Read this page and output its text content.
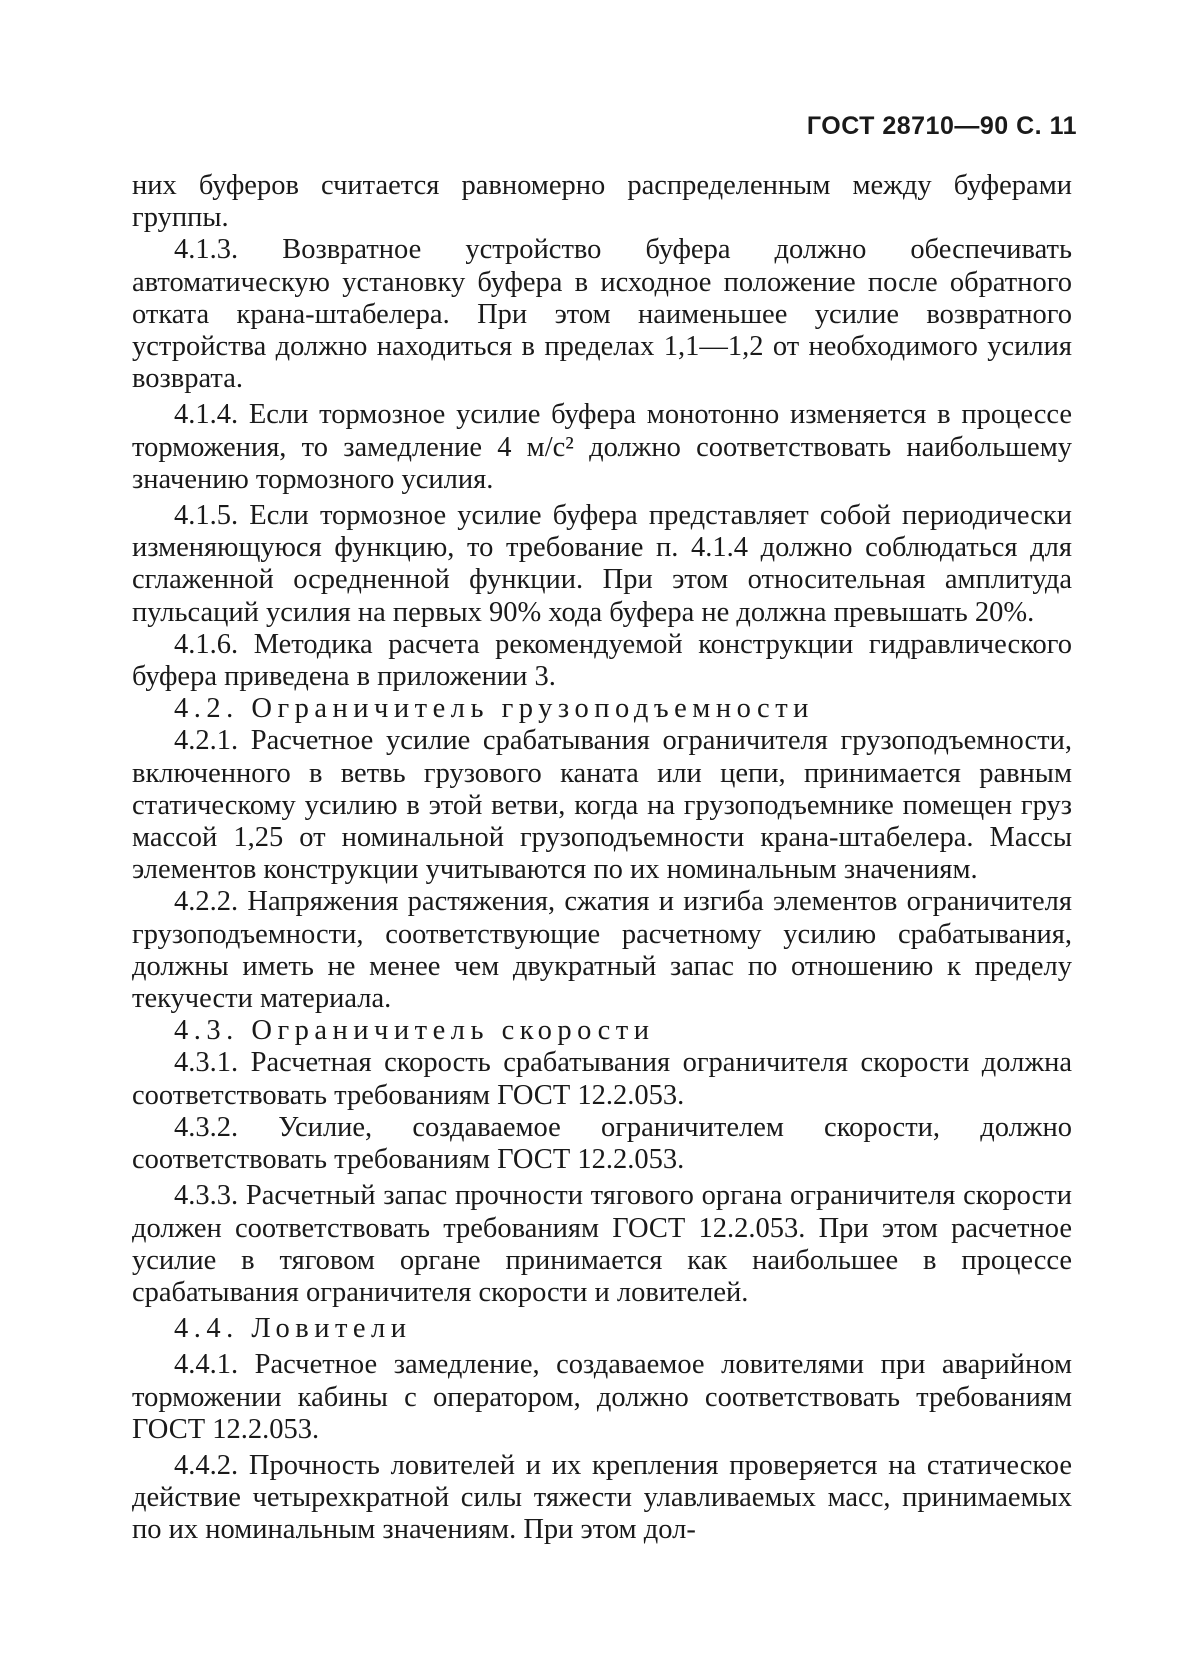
ГОСТ 28710—90 С. 11

них буферов считается равномерно распределенным между буферами группы.

4.1.3. Возвратное устройство буфера должно обеспечивать автоматическую установку буфера в исходное положение после обратного отката крана-штабелера. При этом наименьшее усилие возвратного устройства должно находиться в пределах 1,1—1,2 от необходимого усилия возврата.

4.1.4. Если тормозное усилие буфера монотонно изменяется в процессе торможения, то замедление 4 м/с² должно соответствовать наибольшему значению тормозного усилия.

4.1.5. Если тормозное усилие буфера представляет собой периодически изменяющуюся функцию, то требование п. 4.1.4 должно соблюдаться для сглаженной осредненной функции. При этом относительная амплитуда пульсаций усилия на первых 90% хода буфера не должна превышать 20%.

4.1.6. Методика расчета рекомендуемой конструкции гидравлического буфера приведена в приложении 3.

4.2. Ограничитель грузоподъемности

4.2.1. Расчетное усилие срабатывания ограничителя грузоподъемности, включенного в ветвь грузового каната или цепи, принимается равным статическому усилию в этой ветви, когда на грузоподъемнике помещен груз массой 1,25 от номинальной грузоподъемности крана-штабелера. Массы элементов конструкции учитываются по их номинальным значениям.

4.2.2. Напряжения растяжения, сжатия и изгиба элементов ограничителя грузоподъемности, соответствующие расчетному усилию срабатывания, должны иметь не менее чем двукратный запас по отношению к пределу текучести материала.

4.3. Ограничитель скорости

4.3.1. Расчетная скорость срабатывания ограничителя скорости должна соответствовать требованиям ГОСТ 12.2.053.

4.3.2. Усилие, создаваемое ограничителем скорости, должно соответствовать требованиям ГОСТ 12.2.053.

4.3.3. Расчетный запас прочности тягового органа ограничителя скорости должен соответствовать требованиям ГОСТ 12.2.053. При этом расчетное усилие в тяговом органе принимается как наибольшее в процессе срабатывания ограничителя скорости и ловителей.

4.4. Ловители

4.4.1. Расчетное замедление, создаваемое ловителями при аварийном торможении кабины с оператором, должно соответствовать требованиям ГОСТ 12.2.053.

4.4.2. Прочность ловителей и их крепления проверяется на статическое действие четырехкратной силы тяжести улавливаемых масс, принимаемых по их номинальным значениям. При этом дол-
